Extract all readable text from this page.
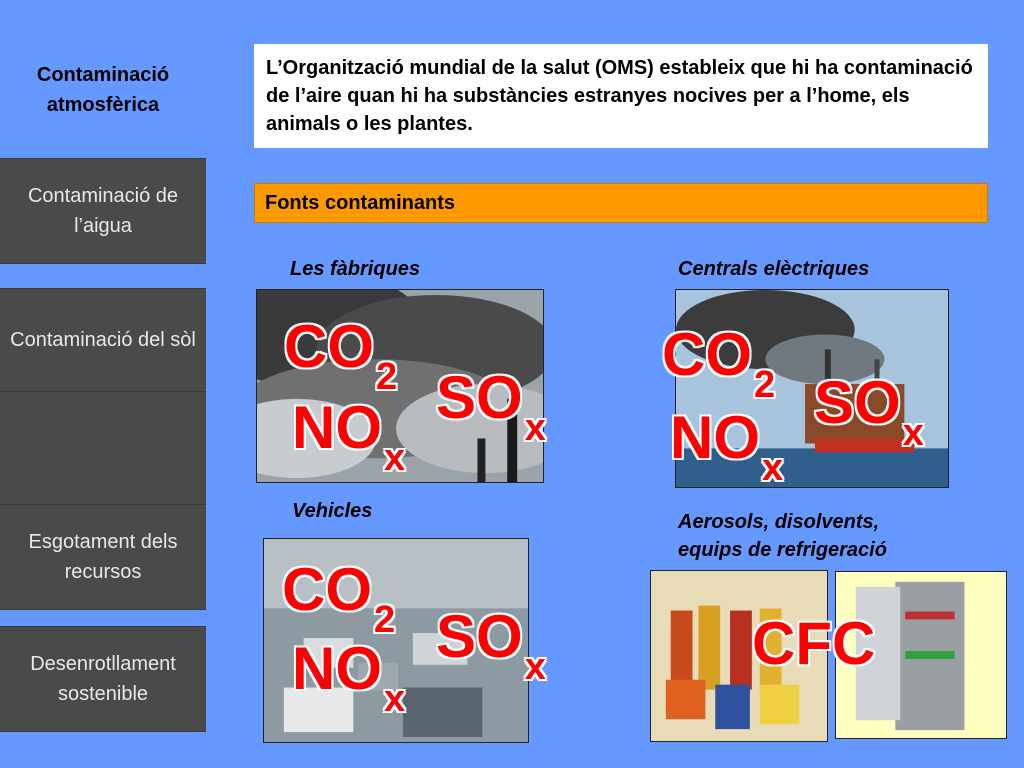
Contaminació atmosfèrica
Contaminació de l’aigua
Contaminació del sòl
Esgotament dels recursos
Desenrotllament sostenible
L’Organització mundial de la salut (OMS) estableix que hi ha contaminació de l’aire quan hi ha substàncies estranyes nocives per a l’home, els animals o les plantes.
Fonts contaminants
Les fàbriques	Centrals elèctriques
Vehicles	Aerosols, disolvents,
equips de refrigeració
$CO_2$ $SO_x$
$NO_x$
$CO_2$ $SO_x$
$NO_x$
$CO_2$ $SO_x$
$NO_x$
CFC
